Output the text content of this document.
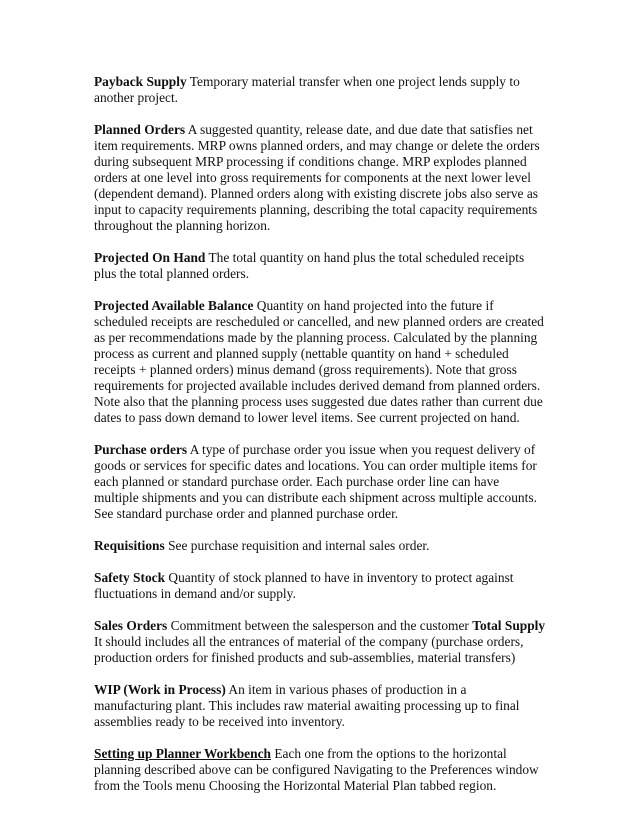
Payback Supply Temporary material transfer when one project lends supply to another project.

Planned Orders A suggested quantity, release date, and due date that satisfies net item requirements. MRP owns planned orders, and may change or delete the orders during subsequent MRP processing if conditions change. MRP explodes planned orders at one level into gross requirements for components at the next lower level (dependent demand). Planned orders along with existing discrete jobs also serve as input to capacity requirements planning, describing the total capacity requirements throughout the planning horizon.

Projected On Hand The total quantity on hand plus the total scheduled receipts plus the total planned orders.

Projected Available Balance Quantity on hand projected into the future if scheduled receipts are rescheduled or cancelled, and new planned orders are created as per recommendations made by the planning process. Calculated by the planning process as current and planned supply (nettable quantity on hand + scheduled receipts + planned orders) minus demand (gross requirements). Note that gross requirements for projected available includes derived demand from planned orders. Note also that the planning process uses suggested due dates rather than current due dates to pass down demand to lower level items. See current projected on hand.

Purchase orders A type of purchase order you issue when you request delivery of goods or services for specific dates and locations. You can order multiple items for each planned or standard purchase order. Each purchase order line can have multiple shipments and you can distribute each shipment across multiple accounts. See standard purchase order and planned purchase order.

Requisitions See purchase requisition and internal sales order.

Safety Stock Quantity of stock planned to have in inventory to protect against fluctuations in demand and/or supply.

Sales Orders Commitment between the salesperson and the customer Total Supply It should includes all the entrances of material of the company (purchase orders, production orders for finished products and sub-assemblies, material transfers)

WIP (Work in Process) An item in various phases of production in a manufacturing plant. This includes raw material awaiting processing up to final assemblies ready to be received into inventory.

Setting up Planner Workbench Each one from the options to the horizontal planning described above can be configured Navigating to the Preferences window from the Tools menu Choosing the Horizontal Material Plan tabbed region.
